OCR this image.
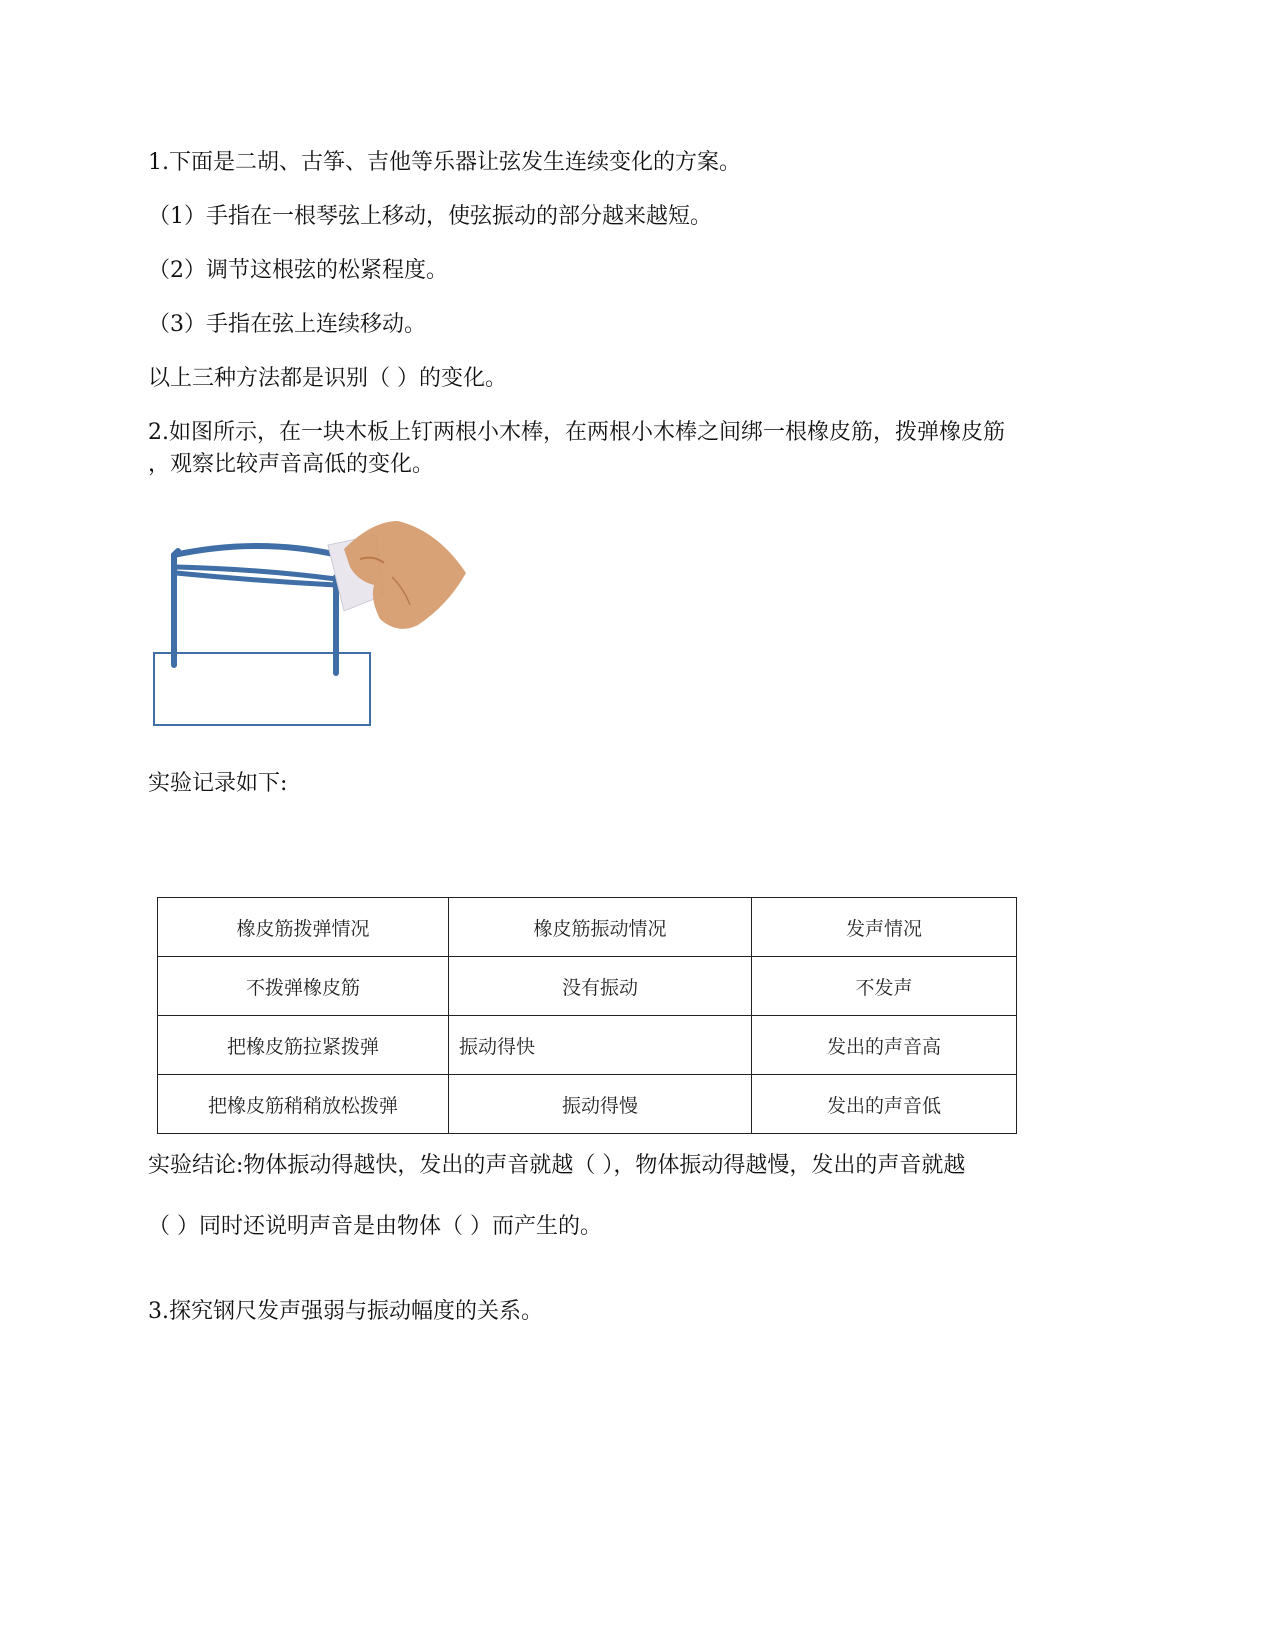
1.下面是二胡、古筝、吉他等乐器让弦发生连续变化的方案。
（1）手指在一根琴弦上移动，使弦振动的部分越来越短。
（2）调节这根弦的松紧程度。
（3）手指在弦上连续移动。
以上三种方法都是识别（ ）的变化。
2.如图所示，在一块木板上钉两根小木棒，在两根小木棒之间绑一根橡皮筋，拨弹橡皮筋
，观察比较声音高低的变化。
实验记录如下:
橡皮筋拨弹情况	橡皮筋振动情况	发声情况
不拨弹橡皮筋	没有振动	不发声
把橡皮筋拉紧拨弹	振动得快	发出的声音高
把橡皮筋稍稍放松拨弹	振动得慢	发出的声音低
实验结论:物体振动得越快，发出的声音就越（ ），物体振动得越慢，发出的声音就越
（ ）同时还说明声音是由物体（ ）而产生的。
3.探究钢尺发声强弱与振动幅度的关系。
